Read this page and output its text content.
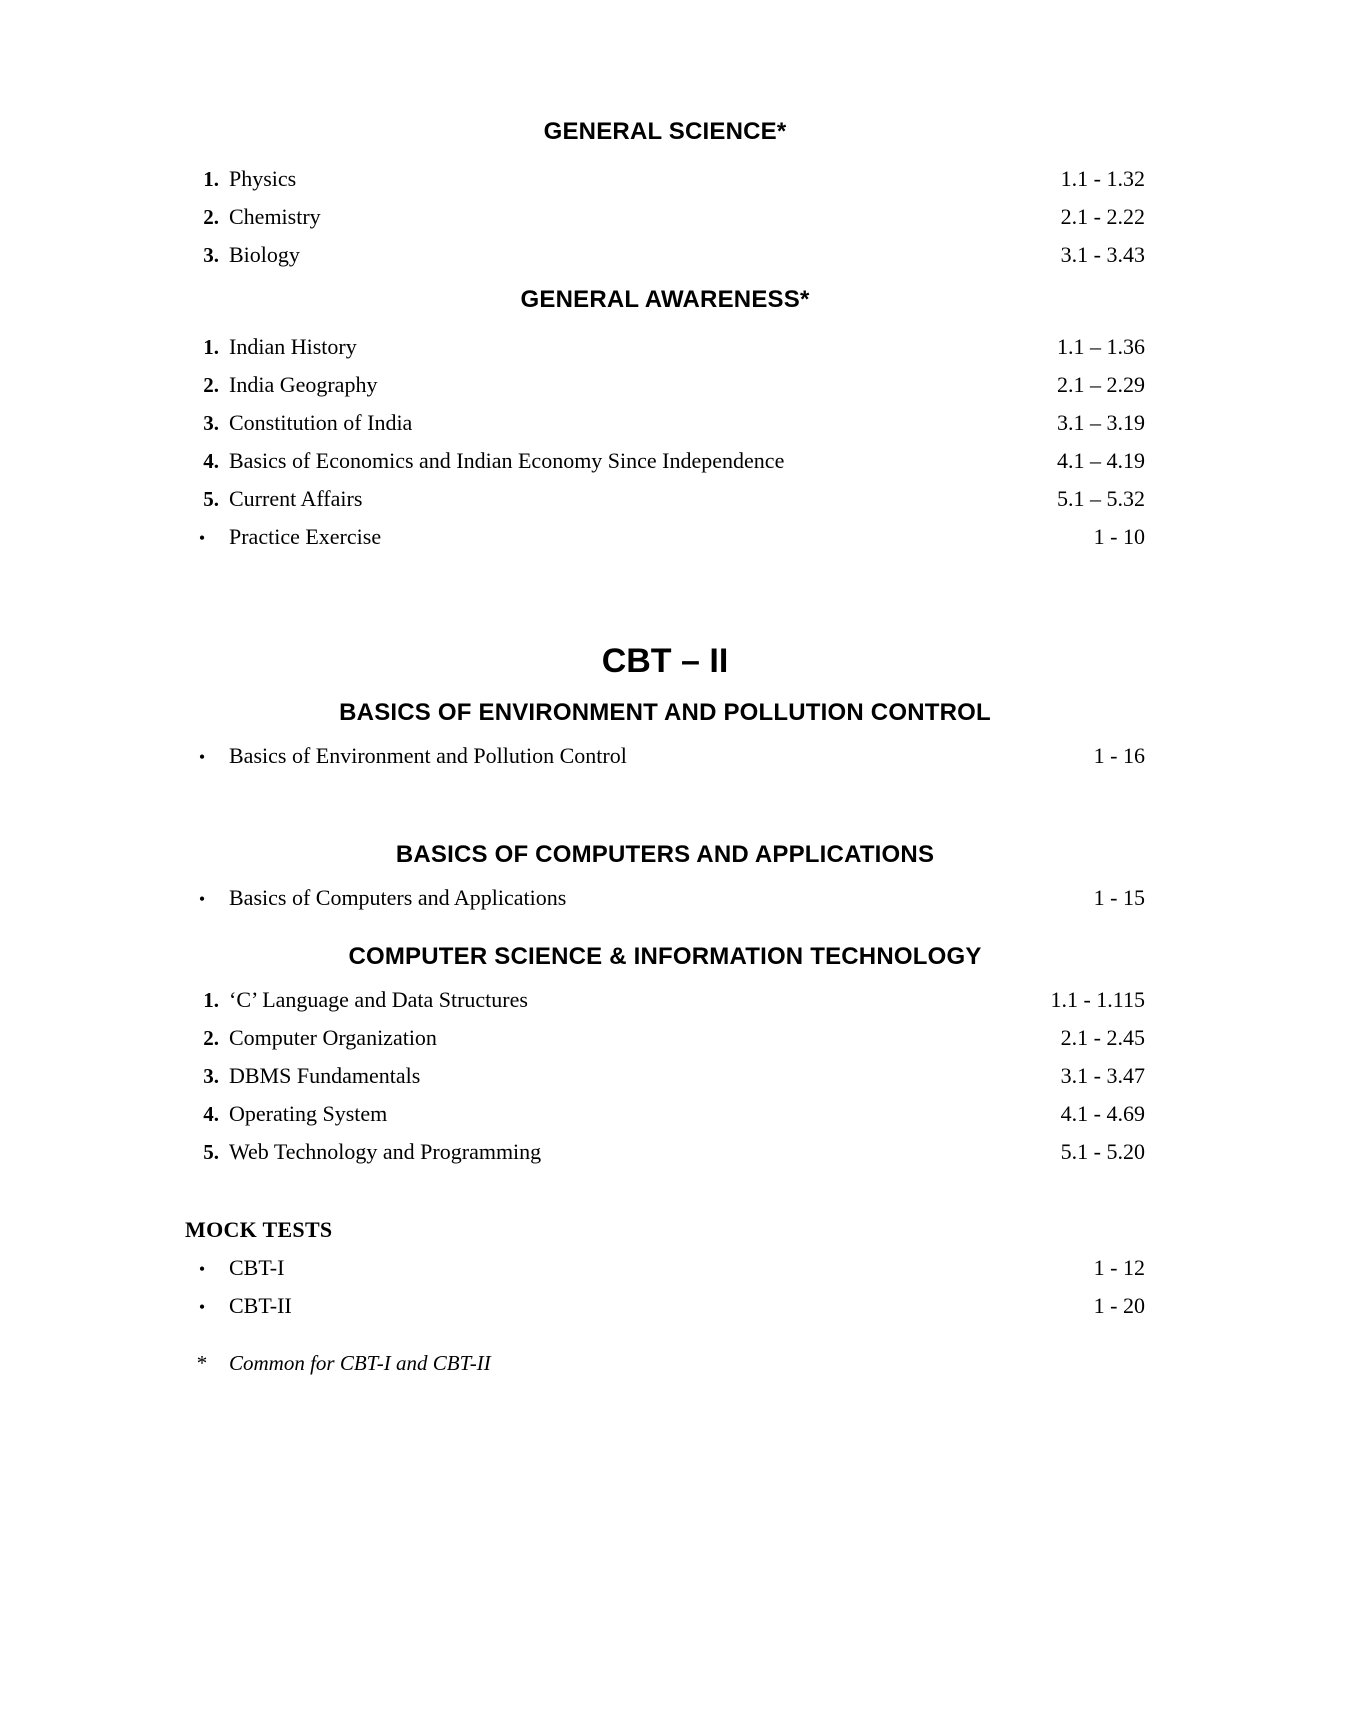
GENERAL SCIENCE*
1. Physics	1.1 - 1.32
2. Chemistry	2.1 - 2.22
3. Biology	3.1 - 3.43
GENERAL AWARENESS*
1. Indian History	1.1 – 1.36
2. India Geography	2.1 – 2.29
3. Constitution of India	3.1 – 3.19
4. Basics of Economics and Indian Economy Since Independence	4.1 – 4.19
5. Current Affairs	5.1 – 5.32
•	Practice Exercise	1 - 10
CBT – II
BASICS OF ENVIRONMENT AND POLLUTION CONTROL
•	Basics of Environment and Pollution Control	1 - 16
BASICS OF COMPUTERS AND APPLICATIONS
•	Basics of Computers and Applications	1 - 15
COMPUTER SCIENCE & INFORMATION TECHNOLOGY
1. ‘C’ Language and Data Structures	1.1 - 1.115
2. Computer Organization	2.1 - 2.45
3. DBMS Fundamentals	3.1 - 3.47
4. Operating System	4.1 - 4.69
5. Web Technology and Programming	5.1 - 5.20
MOCK TESTS
•	CBT-I	1 - 12
•	CBT-II	1 - 20
*	Common for CBT-I and CBT-II
